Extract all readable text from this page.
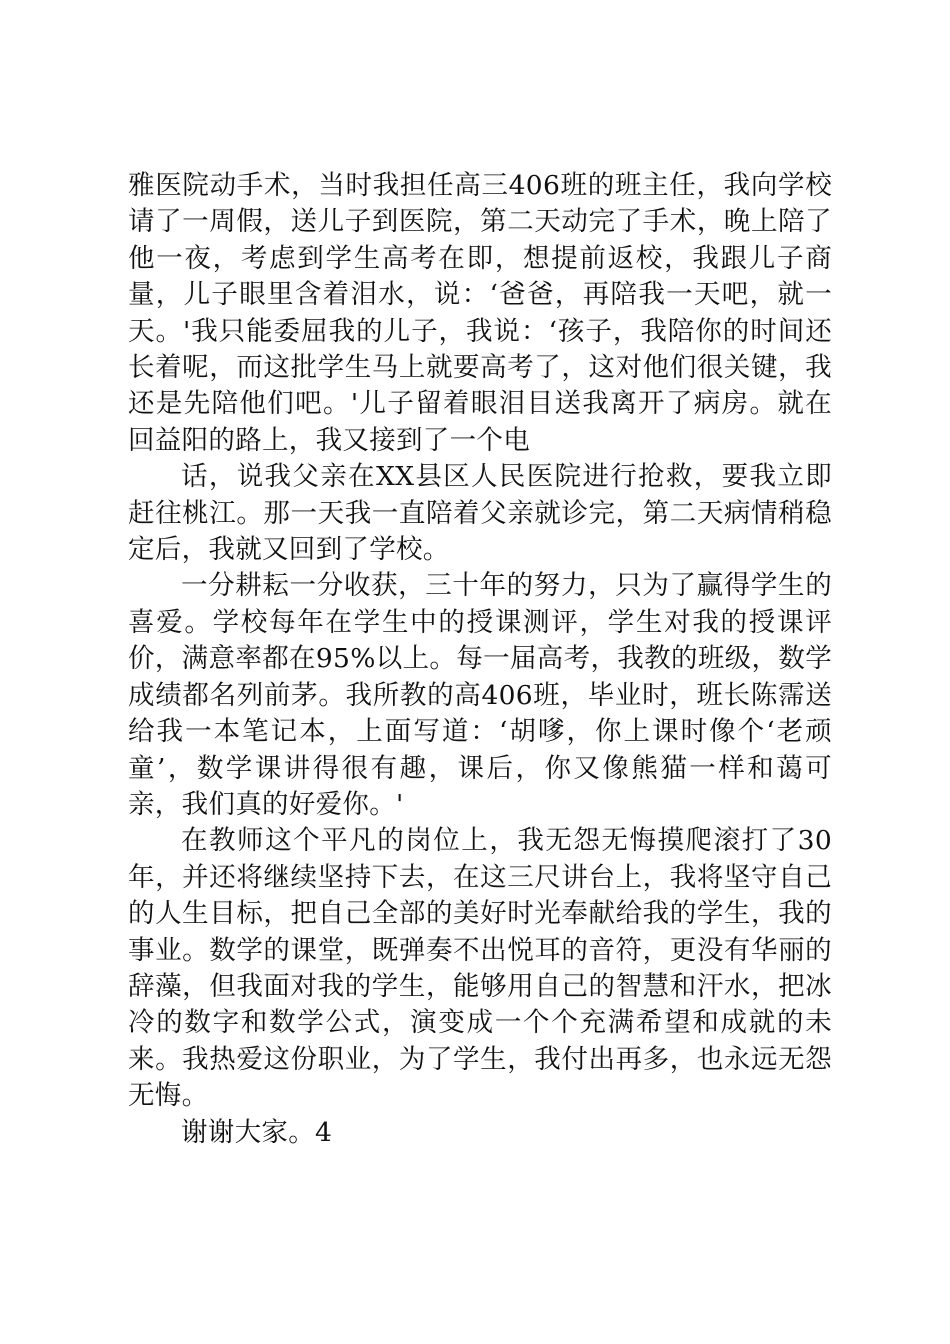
雅医院动手术，当时我担任高三406班的班主任，我向学校请了一周假，送儿子到医院，第二天动完了手术，晚上陪了他一夜，考虑到学生高考在即，想提前返校，我跟儿子商量，儿子眼里含着泪水，说：‘爸爸，再陪我一天吧，就一天。'我只能委屈我的儿子，我说：‘孩子，我陪你的时间还长着呢，而这批学生马上就要高考了，这对他们很关键，我还是先陪他们吧。'儿子留着眼泪目送我离开了病房。就在回益阳的路上，我又接到了一个电

话，说我父亲在XX县区人民医院进行抢救，要我立即赶往桃江。那一天我一直陪着父亲就诊完，第二天病情稍稳定后，我就又回到了学校。

一分耕耘一分收获，三十年的努力，只为了赢得学生的喜爱。学校每年在学生中的授课测评，学生对我的授课评价，满意率都在95%以上。每一届高考，我教的班级，数学成绩都名列前茅。我所教的高406班，毕业时，班长陈霈送给我一本笔记本，上面写道：‘胡嗲，你上课时像个‘老顽童’，数学课讲得很有趣，课后，你又像熊猫一样和蔼可亲，我们真的好爱你。'

在教师这个平凡的岗位上，我无怨无悔摸爬滚打了30年，并还将继续坚持下去，在这三尺讲台上，我将坚守自己的人生目标，把自己全部的美好时光奉献给我的学生，我的事业。数学的课堂，既弹奏不出悦耳的音符，更没有华丽的辞藻，但我面对我的学生，能够用自己的智慧和汗水，把冰冷的数字和数学公式，演变成一个个充满希望和成就的未来。我热爱这份职业，为了学生，我付出再多，也永远无怨无悔。

谢谢大家。4
